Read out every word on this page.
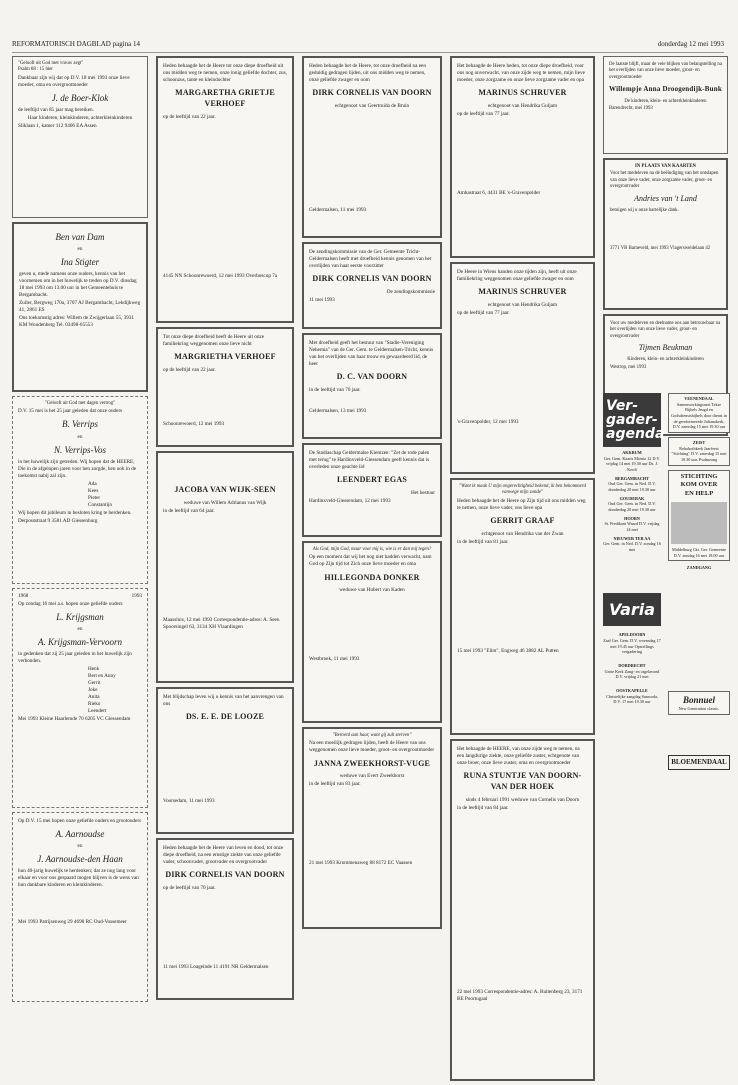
REFORMATORISCH DAGBLAD pagina 14	donderdag 12 mei 1993
"Gelooft uit God met vrouw zegt"
Psalm 68 : 15 hier
Dankbaar zijn wij dat op D.V. 18 mei 1993 onze lieve moeder, oma en overgrootmoeder
J. de Boer-Klok
de leeftijd van 85 jaar mag bereiken.
Haar kinderen, kleinkinderen, achterkleinkinderen
Sliklaan 1, kamer 112 9406 EA Assen
Ben van Dam
en
Ina Stigter
geven u, mede namens onze ouders, kennis van het voornemen om in het huwelijk te treden op D.V. dinsdag 18 mei 1993 om 13.00 uur in het Gemeentehuis te Bergambacht.
Zuiler, Bergweg 170a, 3707 AJ Bergambacht, Lekdijkweg 41, 2861 ES
Ons toekomstig adres: Willem de Zwijgerlaan 55, 3931 KM Woudenberg Tel. 03498-65553
"Gelooft uit God met dagen vertrog"
D.V. 15 mei is het 25 jaar geleden dat onze ouders
B. Verrips
en
N. Verrips-Vos
in het huwelijk zijn getreden. Wij hopen dat de HEERE, Die in de afgelopen jaren voor hen zorgde, hen ook in de toekomst nabij zal zijn.
Ada
Kees
Pieter
Constantijn
Wij hopen dit jubileum in besloten kring te herdenken.
Derpoutstraat 9 3581 AD Giessenburg
1968	1993
Op zondag 16 mei a.s. hopen onze geliefde ouders
L. Krijgsman
en
A. Krijgsman-Vervoorn
in gedenken dat zij 25 jaar geleden in het huwelijk zijn verbonden.
Henk
Bert en Anny
Gerrit
Joke
Anita
Rieko
Leendert
Mei 1993 Kleine Haarlemde 70 6205 VC Giessendam
Op D.V. 15 mei hopen onze geliefde ouders en grootouders
A. Aarnoudse
en
J. Aarnoudse-den Haan
hun 40-jarig huwelijk te herdenken; dat ze nog lang voor elkaar en voor ons gespaard mogen blijven is de wens van hun dankbare kinderen en kleinkinderen.
Mei 1993 Patrijsenweg 29 4698 RC Oud-Vossemeer
Heden behaagde het de Heere tot onze diepe droefheid uit ons midden weg te nemen, onze innig geliefde dochter, zus, schoonzus, tante en kleindochter
MARGARETHA GRIETJE VERHOEF
op de leeftijd van 22 jaar.
4145 NN Schoonrewoerd, 12 mei 1993 Overboscop 7a
Tot onze diepe droefheid heeft de Heere uit onze familiekring weggenomen onze lieve nicht
MARGRIETHA VERHOEF
op de leeftijd van 22 jaar.
Schoonrewoerd, 12 mei 1993
JACOBA VAN WIJK-SEEN
weduwe van Willem Adrianus van Wijk
in de leeftijd van 64 jaar.
Maassluis, 12 mei 1993 Correspondentie-adres: A. Seen Spoorsingel 63, 3134 XH Vlaardingen
Met blijdschap leven wij u kennis van het aanvrengen van ons
DS. E. E. DE LOOZE
Voorsedam, 11 mei 1993
Heden behaagde het de Heere van leven en dood, tot onze diepe droefheid, na een ernstige ziekte van onze geliefde vader, schoonvader, grootvader en overgrootvader
DIRK CORNELIS VAN DOORN
op de leeftijd van 70 jaar.
11 mei 1993 Loageinde 11 4191 NR Geldermalsen
Heden behaagde het de Heere, tot onze droefheid na een geduldig gedragen lijden, uit ons midden weg te nemen, onze geliefde zwager en oom
DIRK CORNELIS VAN DOORN
echtgenoot van Geertruida de Bruin
Geldermalsen, 11 mei 1993
De zendingskommissie van de Ger. Gemeente Tricht-Geldermalsen heeft met droefheid kennis genomen van het overlijden van haar eerste voorzitter
DIRK CORNELIS VAN DOORN
De zendingskommissie
11 mei 1993
Met droefheid geeft het bestuur van "Stadie-Vereniging Nehemia" van de Ger. Gem. te Geldermalsen-Tricht, kennis van het overlijden van haar trouw en gewaardeerd lid, de heer
D. C. VAN DOORN
in de leeftijd van 70 jaar.
Geldermalsen, 13 mei 1993
De Stadiaschap Geldermalse Kiemzee: "Zet de rode palen met terug" te Hardinxveld-Giessendam geeft kennis dat is overleden onze geachte lid
LEENDERT EGAS
Het bestuur
Hardinxveld-Giessendam, 12 mei 1993
Als God, mijn God, maar voor mij is, wie is er dan mij tegen?
Op een moment dat wij het nog niet hadden verwacht, nam God op Zijn tijd tot Zich onze lieve moeder en oma
HILLEGONDA DONKER
weduwe van Hubert van Kaden
Westbroek, 11 mei 1993
"Beroerd aan haar, want gij zult sterven"
Na een moeilijk gedragen lijden, heeft de Heere van ons weggenomen onze lieve moeder, groot- en overgrootmoeder
JANNA ZWEEKHORST-VUGE
weduwe van Evert Zweekhorst
in de leeftijd van 83 jaar.
21 mei 1993 Krommenaweg 88 8172 EC Vaassen
Het behaagde de Heere heden, tot onze diepe droefheid, voor ons nog onverwacht, van onze zijde weg te nemen, mijn lieve moeder, onze zorgzame en onze lieve zorgzame vader en opa
MARINUS SCHRUVER
echtgenoot van Hendrika Guljam
op de leeftijd van 77 jaar.
Amhastraat 6, 4431 BE 's-Gravenpolder
De Heere in Wiens handen onze tijden zijn, heeft uit onze familiekring weggenomen onze geliefde zwager en oom
MARINUS SCHRUVER
echtgenoot van Hendrika Guljam
op de leeftijd van 77 jaar.
's-Gravenpolder, 12 mei 1993
"Want ik maak U mijn ongerechtigheid bekend, ik ben bekommerd vanwege mijn zonde"
Heden behaagde het de Heere op Zijn tijd uit ons midden weg te nemen, onze lieve vader, ons lieve opa
GERRIT GRAAF
echtgenoot van Hendrika van der Zwan
in de leeftijd van 81 jaar.
15 mei 1993 "Elim", Engweg 46 3882 AL Putten
Het behaagde de HEERE, van onze zijde weg te nemen, na een langdurige ziekte, onze geliefde zuster, echtgenote van onze broer, onze lieve zuster, oma en overgrootmoeder
RUNA STUNTJE VAN DOORN-VAN DER HOEK
sinds 4 februari 1991 weduwe van Cornelis van Doorn
in de leeftijd van 84 jaar.
22 mei 1993 Correspondentie-adres: A. Ruitenberg 23, 3171 BE Poortugaal
De laatste blijft, maar de vele blijken van belangstelling na het overlijden van onze lieve moeder, groot- en overgrootmoeder
Willempje Anna Droogendijk-Bunk
De kinderen, klein- en achterkleinkinderen
Barendrecht, mei 1993
IN PLAATS VAN KAARTEN
Voor het medeleven na de beëindiging van het ontslapen van onze lieve vader, onze zorgzame vader, groot- en overgrootvader
Andries van 't Land
betuigen wij u onze hartelijke dank.
3771 VB Barneveld, mei 1993 Vlagersweidelaan 42
Voor uw medeleven en deelname ons aan betrouwbaar na het overlijden van onze lieve vader, groot- en overgrootvader
Tijmen Beukman
Kinderen, klein- en achterkleinkinderen
Westrop, mei 1993
Ver-
gader-
agenda
AKKRUM
Ger. Gem. Kaarts Mientz 12 D.V. vrijdag 14 mei 19.30 uur Ds. J. Kerdi
BERGAMBACHT
Oud Ger. Gem. in Ned. D.V. donderdag 20 mei 19.30 uur
GOUDERAK
Oud Ger. Gem. in Ned. D.V. donderdag 20 mei 19.30 uur
HOORN
St. Predikant Waard D.V. vrijdag 14 mei
NIEUWER TER AA
Ger. Gem. in Ned. D.V. zondag 16 mei
Varia
APELDOORN
Zaal Ger. Gem. D.V. woensdag 17 mei 19.45 uur Opstellings vergadering
DORDRECHT
Grote Kerk Zang- en orgelavond D.V. vrijdag 21 mei
OOSTKAPELLE
Christelijke zangdag Sanwoda, D.V. 17 mei 19.30 uur
VEENENDAAL
Samenwerkingsnest Tekse Bijbels Jeugd en Godsdienstsbijbels door dienst in de gereformeerde Julianakerk, D.V. zaterdag 15 mei 19.30 uur
ZEIST
Rehobothkerk Jaarfeest "Stichting" D.V. zaterdag 15 mei 19.30 uur, Psalmzang
STICHTING
KOM OVER
EN HELP
Middelburg Ckr. Ger. Gemeente D.V. zondag 16 mei 18.00 uur
ZANDGANG
Bonnuel
New Generation classic.
BLOEMENDAAL
